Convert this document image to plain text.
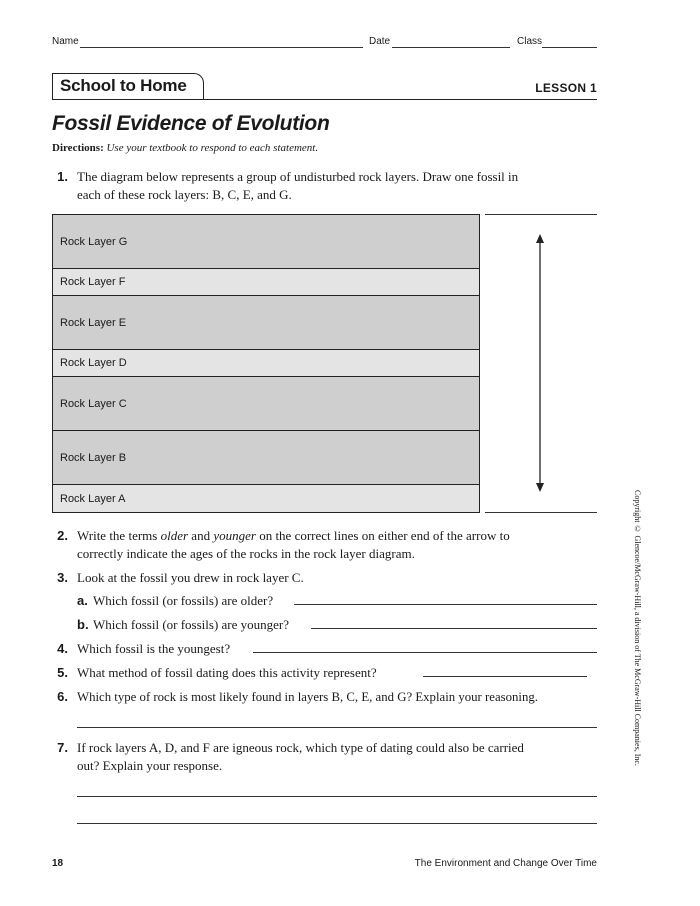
Name	Date	Class
School to Home	LESSON 1
Fossil Evidence of Evolution
Directions: Use your textbook to respond to each statement.
1. The diagram below represents a group of undisturbed rock layers. Draw one fossil in
each of these rock layers: B, C, E, and G.
Rock Layer G
Rock Layer F
Rock Layer E
Rock Layer D
Rock Layer C
Rock Layer B
Rock Layer A
2. Write the terms older and younger on the correct lines on either end of the arrow to
correctly indicate the ages of the rocks in the rock layer diagram.
3. Look at the fossil you drew in rock layer C.
a. Which fossil (or fossils) are older?
b. Which fossil (or fossils) are younger?
4. Which fossil is the youngest?
5. What method of fossil dating does this activity represent?
6. Which type of rock is most likely found in layers B, C, E, and G? Explain your reasoning.
7. If rock layers A, D, and F are igneous rock, which type of dating could also be carried
out? Explain your response.	Copyright © Glencoe/McGraw-Hill, a division of The McGraw-Hill Companies, Inc.
18	The Environment and Change Over Time
